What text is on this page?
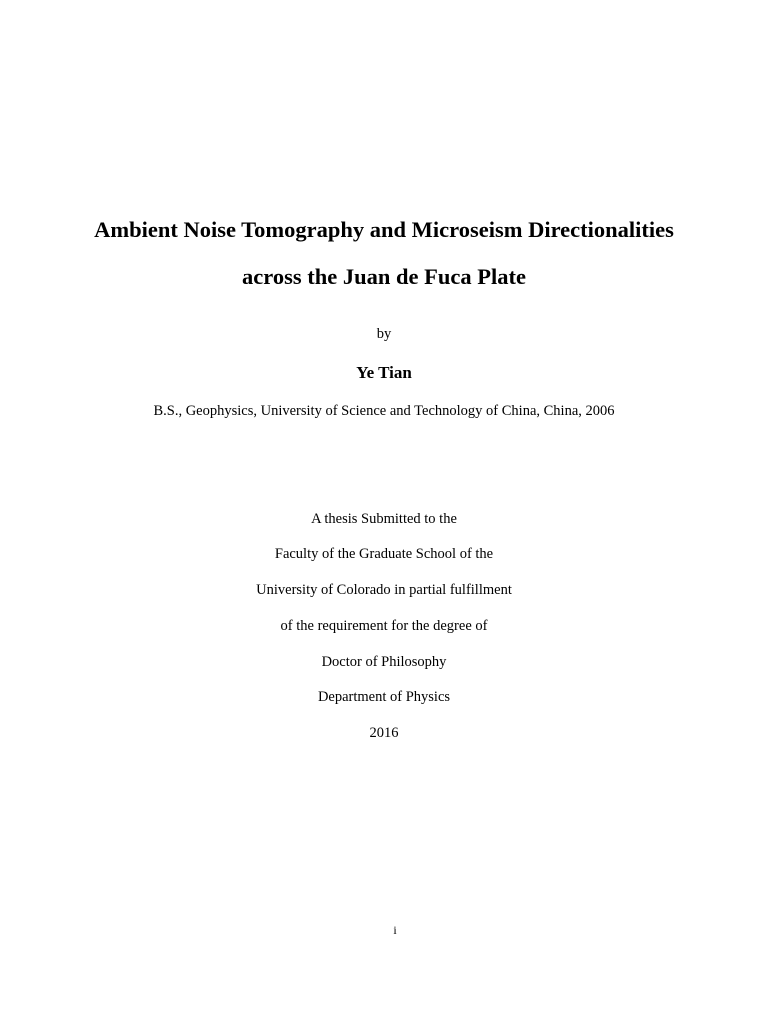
Ambient Noise Tomography and Microseism Directionalities
across the Juan de Fuca Plate
by
Ye Tian
B.S., Geophysics, University of Science and Technology of China, China, 2006
A thesis Submitted to the
Faculty of the Graduate School of the
University of Colorado in partial fulfillment
of the requirement for the degree of
Doctor of Philosophy
Department of Physics
2016
i
